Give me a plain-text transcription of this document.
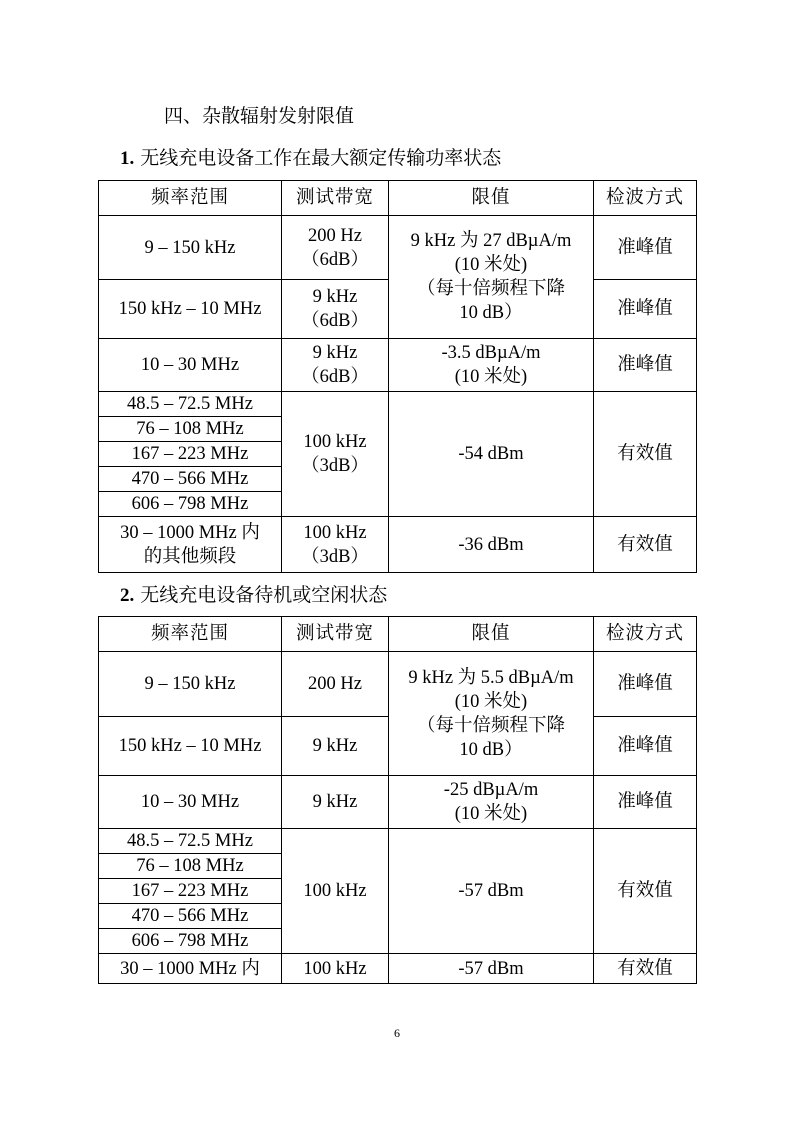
四、杂散辐射发射限值
1. 无线充电设备工作在最大额定传输功率状态
频率范围	测试带宽	限值	检波方式
9 – 150 kHz	200 Hz
（6dB）	9 kHz 为 27 dBµA/m
(10 米处)
（每十倍频程下降
10 dB）	准峰值
150 kHz – 10 MHz	9 kHz
（6dB）		准峰值
10 – 30 MHz	9 kHz
（6dB）	-3.5 dBµA/m
(10 米处)	准峰值
48.5 – 72.5 MHz	100 kHz
（3dB）	-54 dBm	有效值
76 – 108 MHz			
167 – 223 MHz			
470 – 566 MHz			
606 – 798 MHz			
30 – 1000 MHz 内
的其他频段	100 kHz
（3dB）	-36 dBm	有效值
2. 无线充电设备待机或空闲状态
频率范围	测试带宽	限值	检波方式
9 – 150 kHz	200 Hz	9 kHz 为 5.5 dBµA/m
(10 米处)
（每十倍频程下降
10 dB）	准峰值
150 kHz – 10 MHz	9 kHz		准峰值
10 – 30 MHz	9 kHz	-25 dBµA/m
(10 米处)	准峰值
48.5 – 72.5 MHz	100 kHz	-57 dBm	有效值
76 – 108 MHz			
167 – 223 MHz			
470 – 566 MHz			
606 – 798 MHz			
30 – 1000 MHz 内	100 kHz	-57 dBm	有效值
6
